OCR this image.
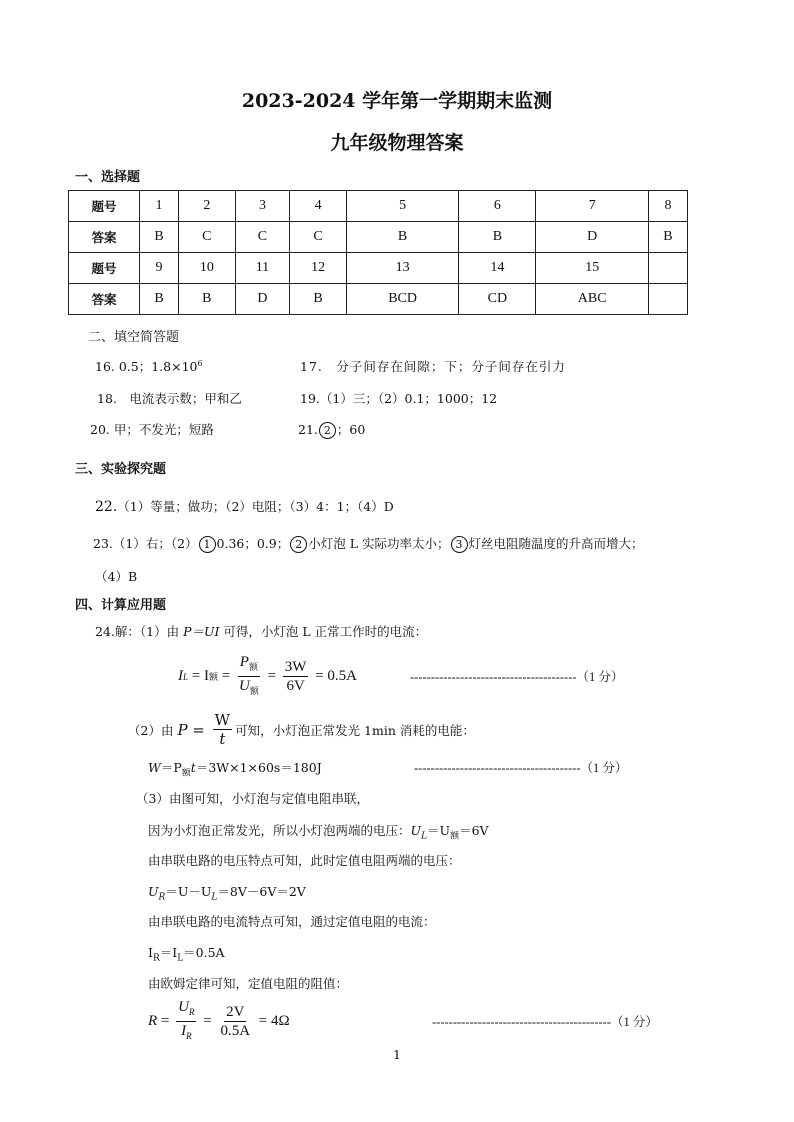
2023-2024 学年第一学期期末监测
九年级物理答案
一、选择题
题号	1	2	3	4	5	6	7	8
答案	B	C	C	C	B	B	D	B
题号	9	10	11	12	13	14	15	
答案	B	B	D	B	BCD	CD	ABC	
二、填空简答题
16. 0.5；$1.8\times 10^6$	17.　分子间存在间隙；下；分子间存在引力
18.　电流表示数；甲和乙	19.（1）三；（2）0.1；1000；12
20. 甲；不发光；短路	21. 2 ；60
三、实验探究题
22.（1）等量；做功；（2）电阻；（3）4：1；（4）D
23.（1）右；（2） 1 0.36；0.9； 2 小灯泡 L 实际功率太小； 3 灯丝电阻随温度的升高而增大；
（4）B
四、计算应用题
24.解：（1）由 P＝UI 可得，小灯泡 L 正常工作时的电流：
I L = I 额 = $\frac{P_额}{U_额} = \frac{3W}{6V} = 0.5A$	----------------------------------------（1 分）
（2）由 $P = \frac{W}{t}$ 可知，小灯泡正常发光 1min 消耗的电能：
$W=P_额t=3W\times 1\times 60s=180J$	----------------------------------------（1 分）
（3）由图可知，小灯泡与定值电阻串联，
因为小灯泡正常发光，所以小灯泡两端的电压：$U_L=U_额=6V$
由串联电路的电压特点可知，此时定值电阻两端的电压：
$U_R=U-U_L=8V-6V=2V$
由串联电路的电流特点可知，通过定值电阻的电流：
$I_R=I_L=0.5A$
由欧姆定律可知，定值电阻的阻值：
$R = \frac{U_R}{I_R} = \frac{2V}{0.5A} = 4\Omega$	-------------------------------------------（1 分）
1
